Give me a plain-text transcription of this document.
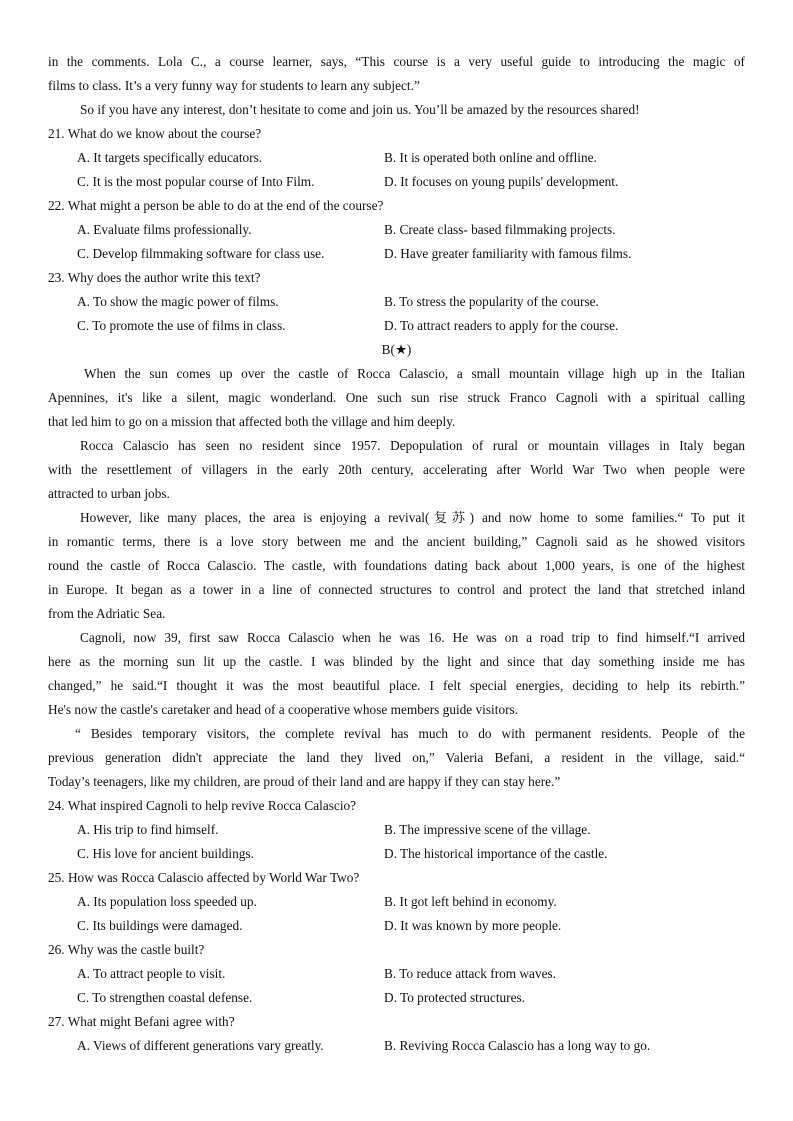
in the comments. Lola C., a course learner, says, “This course is a very useful guide to introducing the magic of
films to class. It’s a very funny way for students to learn any subject.”
So if you have any interest, don’t hesitate to come and join us. You’ll be amazed by the resources shared!
21. What do we know about the course?
A. It targets specifically educators.	B. It is operated both online and offline.
C. It is the most popular course of Into Film.	D. It focuses on young pupils' development.
22. What might a person be able to do at the end of the course?
A. Evaluate films professionally.	B. Create class- based filmmaking projects.
C. Develop filmmaking software for class use.	D. Have greater familiarity with famous films.
23. Why does the author write this text?
A. To show the magic power of films.	B. To stress the popularity of the course.
C. To promote the use of films in class.	D. To attract readers to apply for the course.
B(★)
When the sun comes up over the castle of Rocca Calascio, a small mountain village high up in the Italian
Apennines, it's like a silent, magic wonderland. One such sun rise struck Franco Cagnoli with a spiritual calling
that led him to go on a mission that affected both the village and him deeply.
Rocca Calascio has seen no resident since 1957. Depopulation of rural or mountain villages in Italy began
with the resettlement of villagers in the early 20th century, accelerating after World War Two when people were
attracted to urban jobs.
However, like many places, the area is enjoying a revival(复苏) and now home to some families.“ To put it
in romantic terms, there is a love story between me and the ancient building,” Cagnoli said as he showed visitors
round the castle of Rocca Calascio. The castle, with foundations dating back about 1,000 years, is one of the highest
in Europe. It began as a tower in a line of connected structures to control and protect the land that stretched inland
from the Adriatic Sea.
Cagnoli, now 39, first saw Rocca Calascio when he was 16. He was on a road trip to find himself.“I arrived
here as the morning sun lit up the castle. I was blinded by the light and since that day something inside me has
changed,” he said.“I thought it was the most beautiful place. I felt special energies, deciding to help its rebirth.”
He's now the castle's caretaker and head of a cooperative whose members guide visitors.
“ Besides temporary visitors, the complete revival has much to do with permanent residents. People of the
previous generation didn't appreciate the land they lived on,” Valeria Befani, a resident in the village, said.“
Today’s teenagers, like my children, are proud of their land and are happy if they can stay here.”
24. What inspired Cagnoli to help revive Rocca Calascio?
A. His trip to find himself.	B. The impressive scene of the village.
C. His love for ancient buildings.	D. The historical importance of the castle.
25. How was Rocca Calascio affected by World War Two?
A. Its population loss speeded up.	B. It got left behind in economy.
C. Its buildings were damaged.	D. It was known by more people.
26. Why was the castle built?
A. To attract people to visit.	B. To reduce attack from waves.
C. To strengthen coastal defense.	D. To protected structures.
27. What might Befani agree with?
A. Views of different generations vary greatly.	B. Reviving Rocca Calascio has a long way to go.
